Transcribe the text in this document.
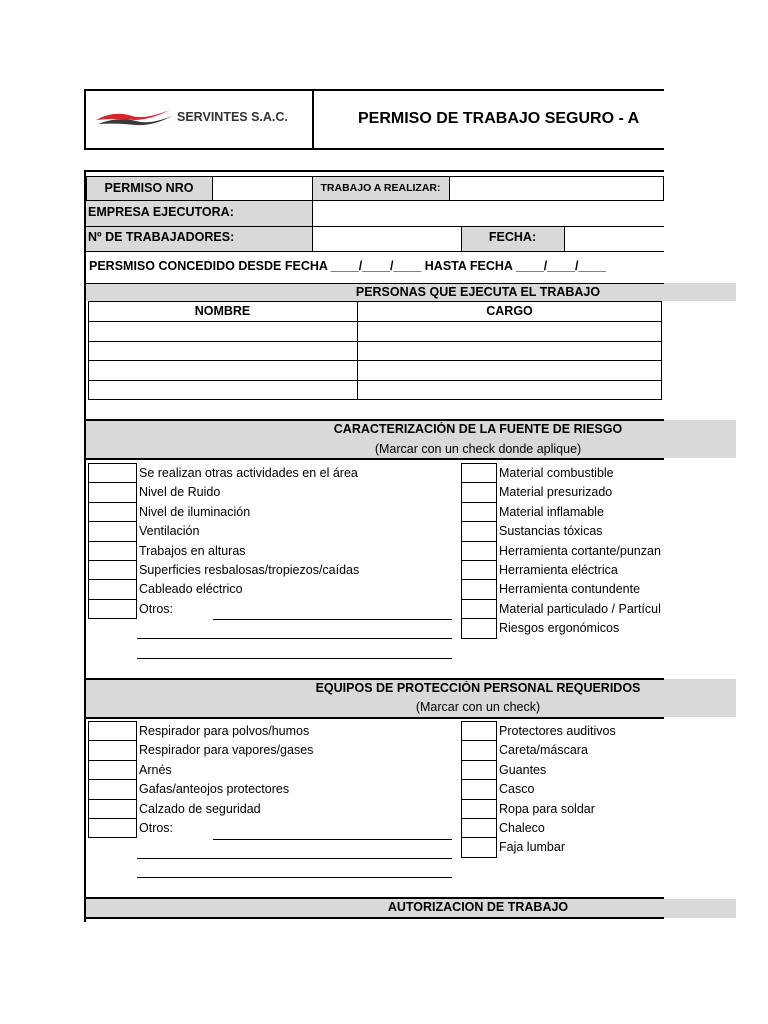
SERVINTES S.A.C.	PERMISO DE TRABAJO SEGURO - A
PERMISO NRO	TRABAJO A REALIZAR:
EMPRESA EJECUTORA:
Nº DE TRABAJADORES:	FECHA:
PERSMISO CONCEDIDO DESDE FECHA ____/____/____ HASTA FECHA ____/____/____
PERSONAS QUE EJECUTA EL TRABAJO
NOMBRE	CARGO
CARACTERIZACIÓN DE LA FUENTE DE RIESGO
(Marcar con un check donde aplique)
Se realizan otras actividades en el área
Nivel de Ruido
Nivel de iluminación
Ventilación
Trabajos en alturas
Superficies resbalosas/tropiezos/caídas
Cableado eléctrico
Otros:
Material combustible
Material presurizado
Material inflamable
Sustancias tóxicas
Herramienta cortante/punzan
Herramienta eléctrica
Herramienta contundente
Material particulado / Partícul
Riesgos ergonómicos
EQUIPOS DE PROTECCIÓN PERSONAL REQUERIDOS
(Marcar con un check)
Respirador para polvos/humos
Respirador para vapores/gases
Arnés
Gafas/anteojos protectores
Calzado de seguridad
Otros:
Protectores auditivos
Careta/máscara
Guantes
Casco
Ropa para soldar
Chaleco
Faja lumbar
AUTORIZACION DE TRABAJO
